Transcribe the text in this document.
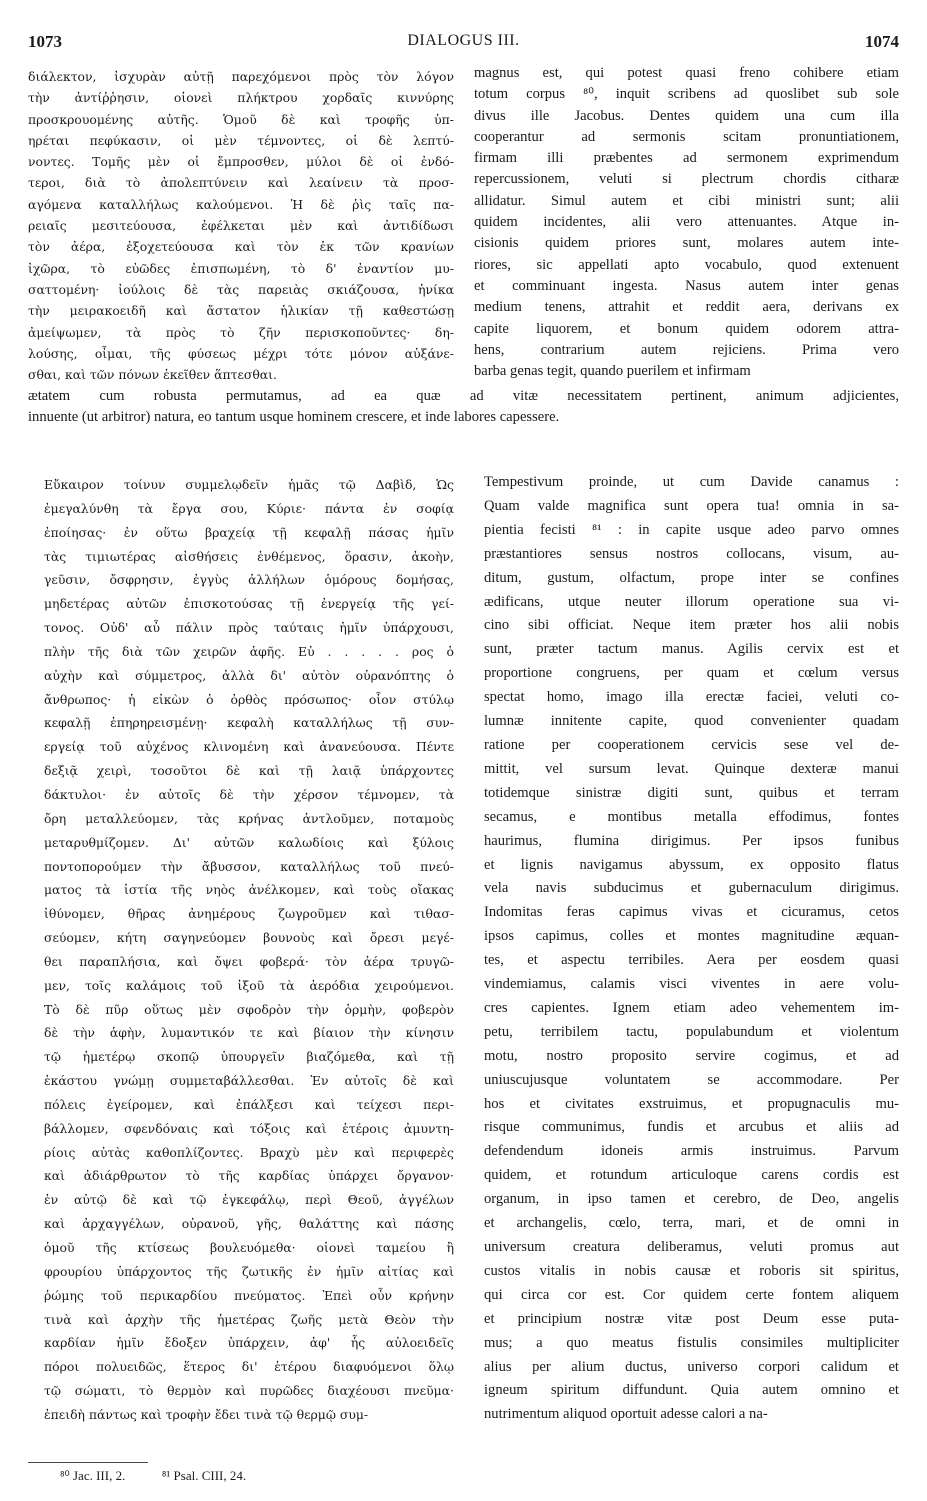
1073	DIALOGUS III.	1074
διάλεκτον, ἰσχυρὰν αὐτῇ παρεχόμενοι πρὸς τὸν λόγον
τὴν ἀντίῤῥησιν, οἱονεὶ πλήκτρου χορδαῖς κιννύρης
προσκρουομένης αὐτῆς. Ὁμοῦ δὲ καὶ τροφῆς ὑπ-
ηρέται πεφύκασιν, οἱ μὲν τέμνοντες, οἱ δὲ λεπτύ-
νοντες. Τομῆς μὲν οἱ ἔμπροσθεν, μύλοι δὲ οἱ ἐνδό-
τεροι, διὰ τὸ ἀπολεπτύνειν καὶ λεαίνειν τὰ προσ-
αγόμενα καταλλήλως καλούμενοι. Ἡ δὲ ῥὶς ταῖς πα-
ρειαῖς μεσιτεύουσα, ἐφέλκεται μὲν καὶ ἀντιδίδωσι
τὸν ἀέρα, ἐξοχετεύουσα καὶ τὸν ἐκ τῶν κρανίων
ἰχῶρα, τὸ εὐῶδες ἐπισπωμένη, τὸ δ' ἐναντίον μυ-
σαττομένη· ἰούλοις δὲ τὰς παρειὰς σκιάζουσα, ἡνίκα
τὴν μειρακοειδῆ καὶ ἄστατον ἡλικίαν τῇ καθεστώσῃ
ἀμείψωμεν, τὰ πρὸς τὸ ζῆν περισκοποῦντες· δη-
λούσης, οἶμαι, τῆς φύσεως μέχρι τότε μόνον αὐξάνε-
σθαι, καὶ τῶν πόνων ἐκεῖθεν ἅπτεσθαι.
magnus est, qui potest quasi freno cohibere etiam
totum corpus ⁸⁰, inquit scribens ad quoslibet sub sole
divus ille Jacobus. Dentes quidem una cum illa
cooperantur ad sermonis scitam pronuntiationem,
firmam illi præbentes ad sermonem exprimendum
repercussionem, veluti si plectrum chordis citharæ
allidatur. Simul autem et cibi ministri sunt; alii
quidem incidentes, alii vero attenuantes. Atque in-
cisionis quidem priores sunt, molares autem inte-
riores, sic appellati apto vocabulo, quod extenuent
et comminuant ingesta. Nasus autem inter genas
medium tenens, attrahit et reddit aera, derivans ex
capite liquorem, et bonum quidem odorem attra-
hens, contrarium autem rejiciens. Prima vero
barba genas tegit, quando puerilem et infirmam
ætatem cum robusta permutamus, ad ea quæ ad vitæ necessitatem pertinent, animum adjicientes,
innuente (ut arbitror) natura, eo tantum usque hominem crescere, et inde labores capessere.
Εὔκαιρον τοίνυν συμμελῳδεῖν ἡμᾶς τῷ Δαβὶδ, Ὡς
ἐμεγαλύνθη τὰ ἔργα σου, Κύριε· πάντα ἐν σοφίᾳ
ἐποίησας· ἐν οὕτω βραχείᾳ τῇ κεφαλῇ πάσας ἡμῖν
τὰς τιμιωτέρας αἰσθήσεις ἐνθέμενος, ὅρασιν, ἀκοὴν,
γεῦσιν, ὄσφρησιν, ἐγγὺς ἀλλήλων ὁμόρους δομήσας,
μηδετέρας αὐτῶν ἐπισκοτούσας τῇ ἐνεργείᾳ τῆς γεί-
τονος. Οὐδ' αὖ πάλιν πρὸς ταύταις ἡμῖν ὑπάρχουσι,
πλὴν τῆς διὰ τῶν χειρῶν ἁφῆς. Εὐ . . . . . ρος ὁ
αὐχὴν καὶ σύμμετρος, ἀλλὰ δι' αὐτὸν οὐρανόπτης ὁ
ἄνθρωπος· ἡ εἰκὼν ὁ ὀρθὸς πρόσωπος· οἷον στύλῳ
κεφαλῇ ἐπηρηρεισμένῃ· κεφαλὴ καταλλήλως τῇ συν-
εργείᾳ τοῦ αὐχένος κλινομένη καὶ ἀνανεύουσα. Πέντε
δεξιᾷ χειρὶ, τοσοῦτοι δὲ καὶ τῇ λαιᾷ ὑπάρχοντες
δάκτυλοι· ἐν αὐτοῖς δὲ τὴν χέρσον τέμνομεν, τὰ
ὄρη μεταλλεύομεν, τὰς κρήνας ἀντλοῦμεν, ποταμοὺς
μεταρυθμίζομεν. Δι' αὐτῶν καλωδίοις καὶ ξύλοις
ποντοπορούμεν τὴν ἄβυσσον, καταλλήλως τοῦ πνεύ-
ματος τὰ ἱστία τῆς νηὸς ἀνέλκομεν, καὶ τοὺς οἴακας
ἰθύνομεν, θῆρας ἀνημέρους ζωγροῦμεν καὶ τιθασ-
σεύομεν, κήτη σαγηνεύομεν βουνοὺς καὶ ὄρεσι μεγέ-
θει παραπλήσια, καὶ ὄψει φοβερά· τὸν ἀέρα τρυγῶ-
μεν, τοῖς καλάμοις τοῦ ἰξοῦ τὰ ἀερόδια χειρούμενοι.
Τὸ δὲ πῦρ οὕτως μὲν σφοδρὸν τὴν ὁρμὴν, φοβερὸν
δὲ τὴν ἁφὴν, λυμαντικόν τε καὶ βίαιον τὴν κίνησιν
τῷ ἡμετέρῳ σκοπῷ ὑπουργεῖν βιαζόμεθα, καὶ τῇ
ἑκάστου γνώμῃ συμμεταβάλλεσθαι. Ἐν αὐτοῖς δὲ καὶ
πόλεις ἐγείρομεν, καὶ ἐπάλξεσι καὶ τείχεσι περι-
βάλλομεν, σφενδόναις καὶ τόξοις καὶ ἑτέροις ἀμυντη-
ρίοις αὐτὰς καθοπλίζοντες. Βραχὺ μὲν καὶ περιφερὲς
καὶ ἀδιάρθρωτον τὸ τῆς καρδίας ὑπάρχει ὄργανον·
ἐν αὐτῷ δὲ καὶ τῷ ἐγκεφάλῳ, περὶ Θεοῦ, ἀγγέλων
καὶ ἀρχαγγέλων, οὐρανοῦ, γῆς, θαλάττης καὶ πάσης
ὁμοῦ τῆς κτίσεως βουλευόμεθα· οἱονεὶ ταμείου ἢ
φρουρίου ὑπάρχοντος τῆς ζωτικῆς ἐν ἡμῖν αἰτίας καὶ
ῥώμης τοῦ περικαρδίου πνεύματος. Ἐπεὶ οὖν κρήνην
τινὰ καὶ ἀρχὴν τῆς ἡμετέρας ζωῆς μετὰ Θεὸν τὴν
καρδίαν ἡμῖν ἔδοξεν ὑπάρχειν, ἀφ' ἧς αὐλοειδεῖς
πόροι πολυειδῶς, ἕτερος δι' ἑτέρου διαφυόμενοι ὅλῳ
τῷ σώματι, τὸ θερμὸν καὶ πυρῶδες διαχέουσι πνεῦμα·
ἐπειδὴ πάντως καὶ τροφὴν ἔδει τινὰ τῷ θερμῷ συμ-
Tempestivum proinde, ut cum Davide canamus :
Quam valde magnifica sunt opera tua! omnia in sa-
pientia fecisti ⁸¹ : in capite usque adeo parvo omnes
præstantiores sensus nostros collocans, visum, au-
ditum, gustum, olfactum, prope inter se confines
ædificans, utque neuter illorum operatione sua vi-
cino sibi officiat. Neque item præter hos alii nobis
sunt, præter tactum manus. Agilis cervix est et
proportione congruens, per quam et cœlum versus
spectat homo, imago illa erectæ faciei, veluti co-
lumnæ innitente capite, quod convenienter quadam
ratione per cooperationem cervicis sese vel de-
mittit, vel sursum levat. Quinque dexteræ manui
totidemque sinistræ digiti sunt, quibus et terram
secamus, e montibus metalla effodimus, fontes
haurimus, flumina dirigimus. Per ipsos funibus
et lignis navigamus abyssum, ex opposito flatus
vela navis subducimus et gubernaculum dirigimus.
Indomitas feras capimus vivas et cicuramus, cetos
ipsos capimus, colles et montes magnitudine æquan-
tes, et aspectu terribiles. Aera per eosdem quasi
vindemiamus, calamis visci viventes in aere volu-
cres capientes. Ignem etiam adeo vehementem im-
petu, terribilem tactu, populabundum et violentum
motu, nostro proposito servire cogimus, et ad
uniuscujusque voluntatem se accommodare. Per
hos et civitates exstruimus, et propugnaculis mu-
risque communimus, fundis et arcubus et aliis ad
defendendum idoneis armis instruimus. Parvum
quidem, et rotundum articuloque carens cordis est
organum, in ipso tamen et cerebro, de Deo, angelis
et archangelis, cœlo, terra, mari, et de omni in
universum creatura deliberamus, veluti promus aut
custos vitalis in nobis causæ et roboris sit spiritus,
qui circa cor est. Cor quidem certe fontem aliquem
et principium nostræ vitæ post Deum esse puta-
mus; a quo meatus fistulis consimiles multipliciter
alius per alium ductus, universo corpori calidum et
igneum spiritum diffundunt. Quia autem omnino et
nutrimentum aliquod oportuit adesse calori a na-
⁸⁰ Jac. III, 2.	⁸¹ Psal. CIII, 24.
